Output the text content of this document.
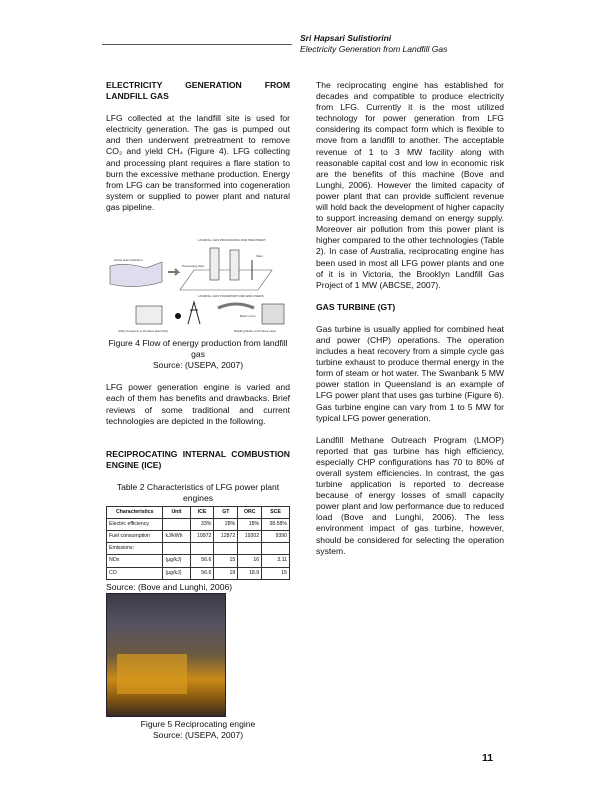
Sri Hapsari Sulistiorini
Electricity Generation from Landfill Gas
ELECTRICITY GENERATION FROM LANDFILL GAS

LFG collected at the landfill site is used for electricity generation. The gas is pumped out and then underwent pretreatment to remove CO₂ and yield CH₄ (Figure 4). LFG collecting and processing plant requires a flare station to burn the excessive methane production. Energy from LFG can be transformed into cogeneration system or supplied to power plant and natural gas pipeline.

Active Gas Collection
LANDFILL GAS PROCESSING AND TREATMENT
Flare
Processing plant
LANDFILL GAS TRANSPORT AND END USERS
Utility Company to Produce Electricity
Boiler room
Building Boiler to Produce Heat
Figure 4 Flow of energy production from landfill gas

Source: (USEPA, 2007)

LFG power generation engine is varied and each of them has benefits and drawbacks. Brief reviews of some traditional and current technologies are depicted in the following.

RECIPROCATING INTERNAL COMBUSTION ENGINE (ICE)
Table 2 Characteristics of LFG power plant engines
Characteristics	Unit	ICE	GT	ORC	SCE
Electric efficiency		33%	28%	18%	38.58%
Fuel consumption	kJ/kWh	10972	12872	19202	9390
Emissions:					
NOx	(μg/kJ)	56.6	15	16	3.11
CO	(μg/kJ)	56.6	19	18.9	15
Source: (Bove and Lunghi, 2006)
Figure 5 Reciprocating engine
Source: (USEPA, 2007)

The reciprocating engine has established for decades and compatible to produce electricity from LFG. Currently it is the most utilized technology for power generation from LFG considering its compact form which is flexible to move from a landfill to another. The acceptable revenue of 1 to 3 MW facility along with reasonable capital cost and low in economic risk are the benefits of this machine (Bove and Lunghi, 2006). However the limited capacity of power plant that can provide sufficient revenue will hold back the development of higher capacity to support increasing demand on energy supply. Moreover air pollution from this power plant is higher compared to the other technologies (Table 2). In case of Australia, reciprocating engine has been used in most all LFG power plants and one of it is in Victoria, the Brooklyn Landfill Gas Project of 1 MW (ABCSE, 2007).

GAS TURBINE (GT)

Gas turbine is usually applied for combined heat and power (CHP) operations. The operation includes a heat recovery from a simple cycle gas turbine exhaust to produce thermal energy in the form of steam or hot water. The Swanbank 5 MW power station in Queensland is an example of LFG power plant that uses gas turbine (Figure 6). Gas turbine engine can vary from 1 to 5 MW for typical LFG power generation.

Landfill Methane Outreach Program (LMOP) reported that gas turbine has high efficiency, especially CHP configurations has 70 to 80% of overall system efficiencies. In contrast, the gas turbine application is reported to decrease because of energy losses of small capacity power plant and low performance due to reduced load (Bove and Lunghi, 2006). The less environment impact of gas turbine, however, should be considered for selecting the operation system.

11
